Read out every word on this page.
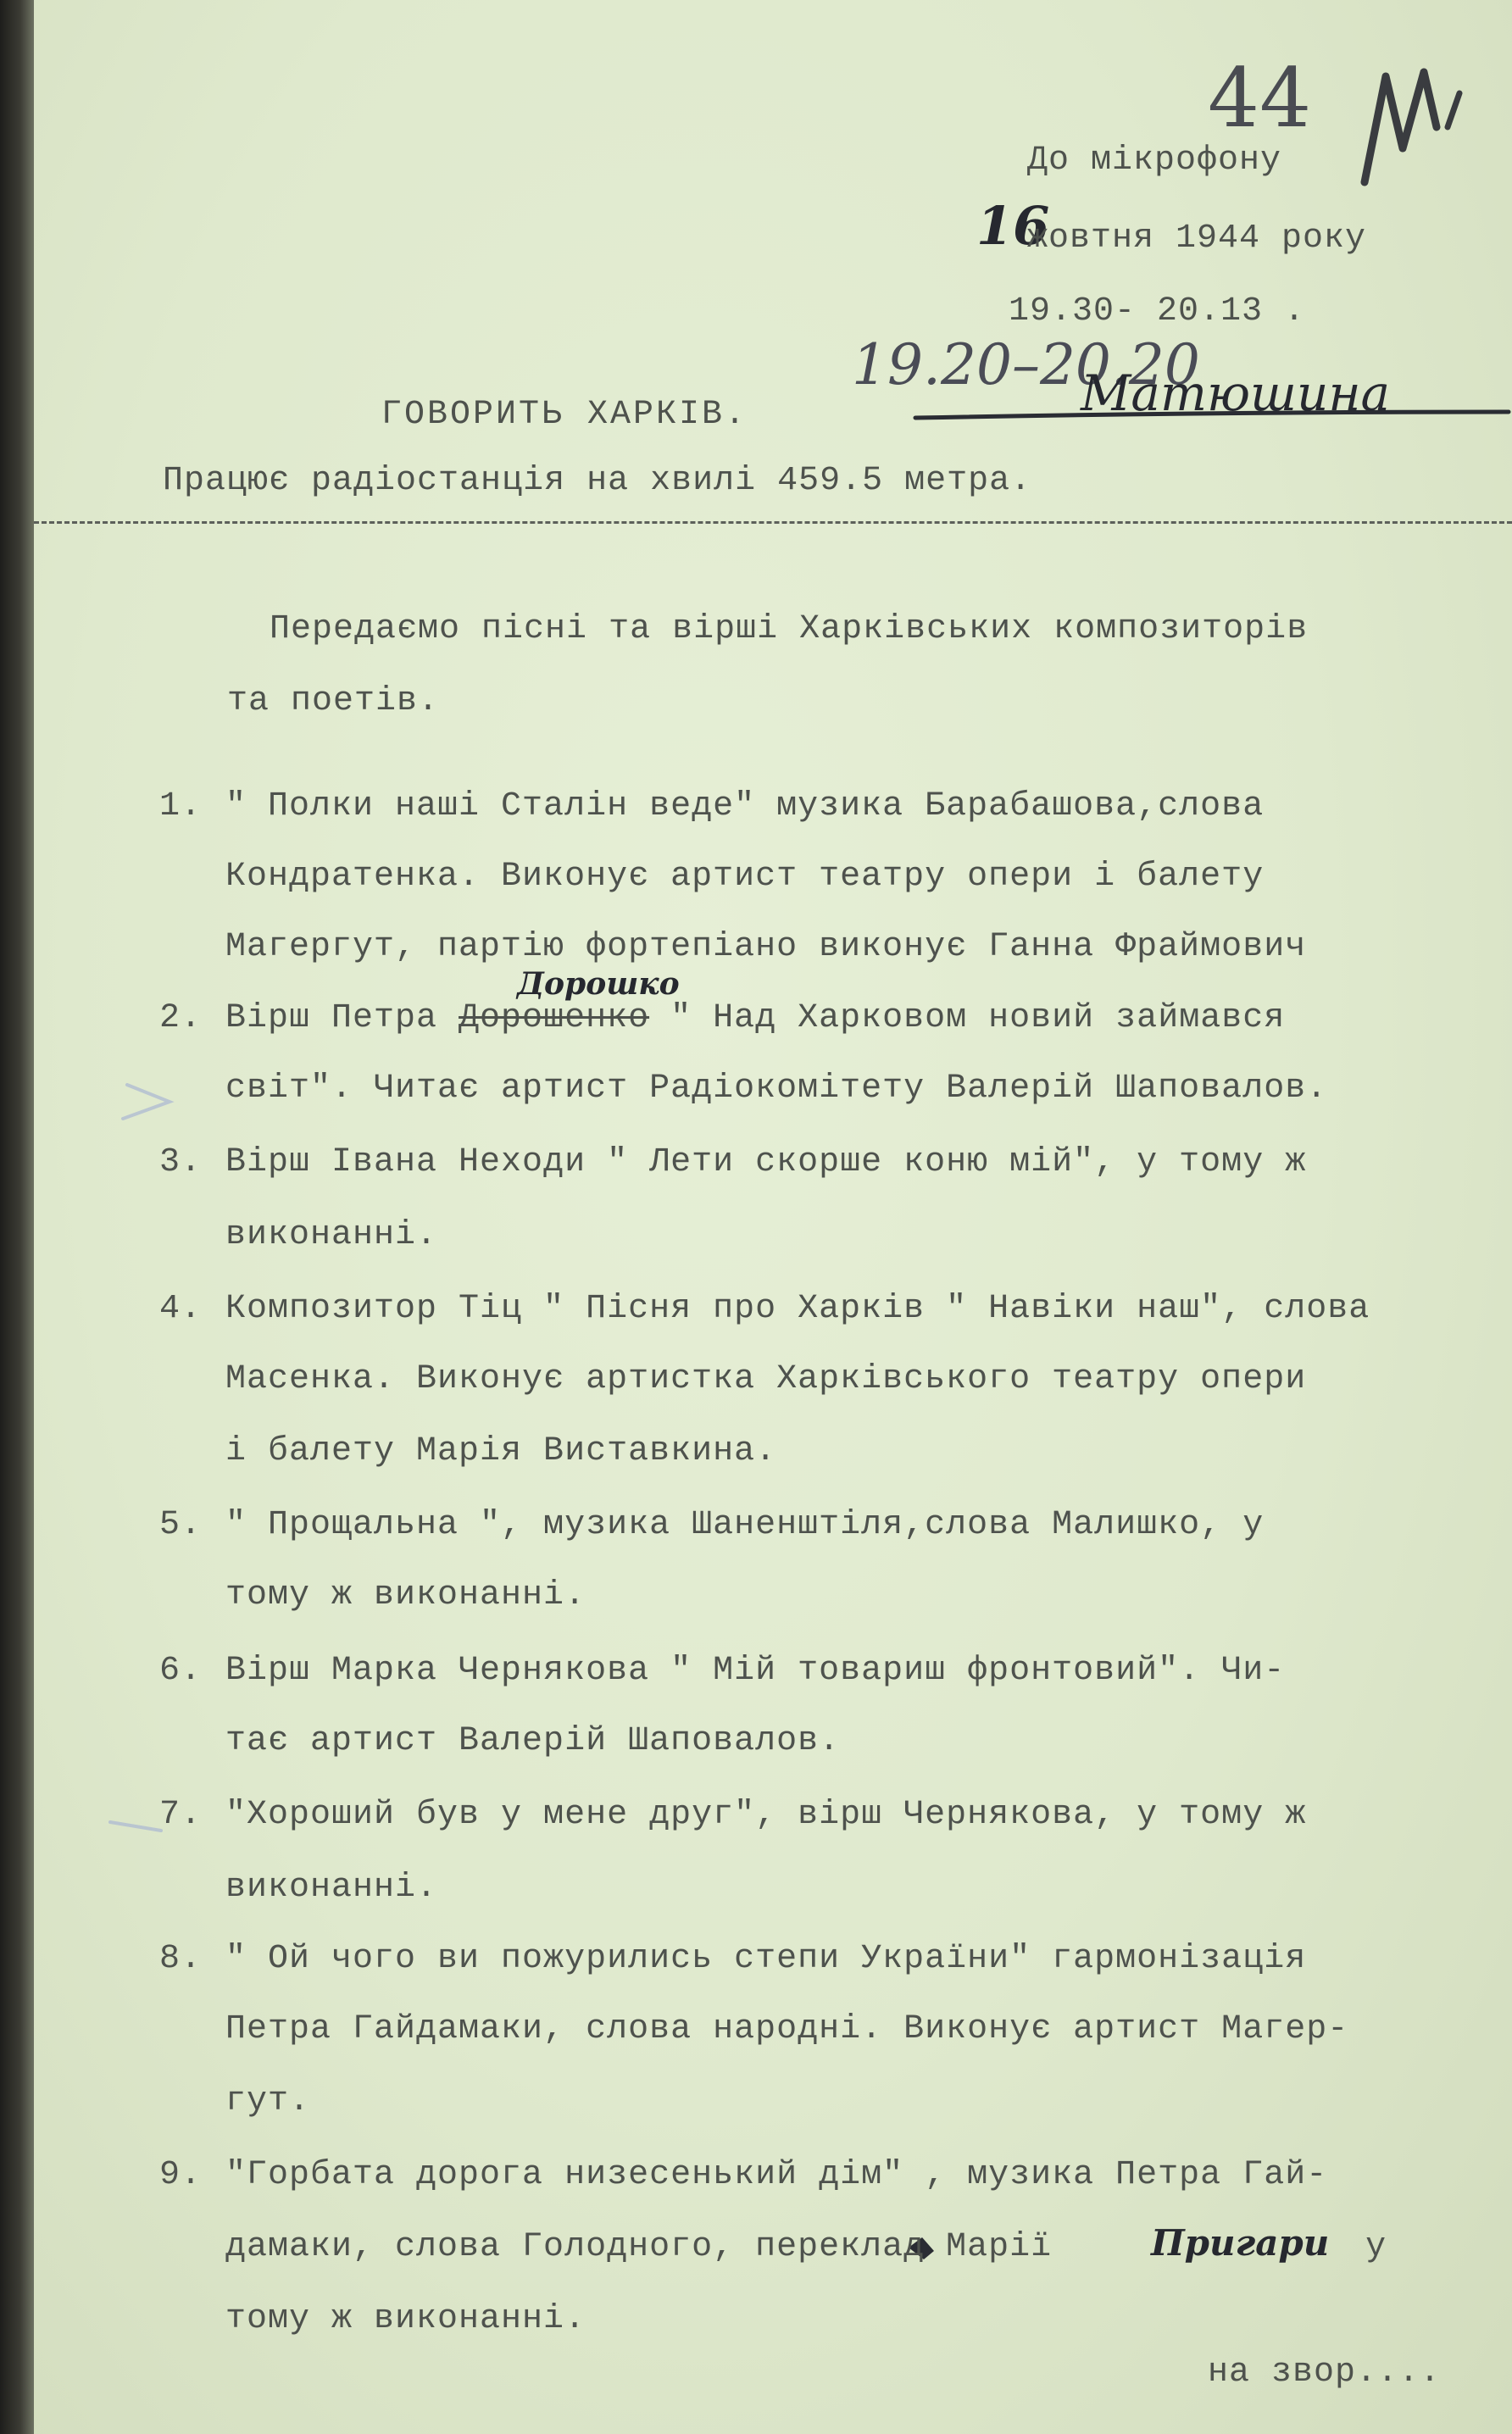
44

16

19.20–20.20

Матюшина

Дорошко

Пригари

До мікрофону

жовтня 1944 року

19.30- 20.13 .

ГОВОРИТЬ ХАРКІВ.

Працює радіостанція на хвилі 459.5 метра.

Передаємо пісні та вірші Харківських композиторів

та поетів.

1. " Полки наші Сталін веде" музика Барабашова,слова

Кондратенка. Виконує артист театру опери і балету

Магергут, партію фортепіано виконує Ганна Фраймович

2. Вірш Петра Дорошенко " Над Харковом новий займався

світ". Читає артист Радіокомітету Валерій Шаповалов.

3. Вірш Івана Неходи " Лети скорше коню мій", у тому ж

виконанні.

4. Композитор Тіц " Пісня про Харків " Навіки наш", слова

Масенка. Виконує артистка Харківського театру опери

і балету Марія Виставкина.

5. " Прощальна ", музика Шаненштіля,слова Малишко, у

тому ж виконанні.

6. Вірш Марка Чернякова " Мій товариш фронтовий". Чи-

тає артист Валерій Шаповалов.

7. "Хороший був у мене друг", вірш Чернякова, у тому ж

виконанні.

8. " Ой чого ви пожурились степи України" гармонізація

Петра Гайдамаки, слова народні. Виконує артист Магер-

гут.

9. "Горбата дорога низесенький дім" , музика Петра Гай-

дамаки, слова Голодного, переклад Марії	у

тому ж виконанні.

на звор....
